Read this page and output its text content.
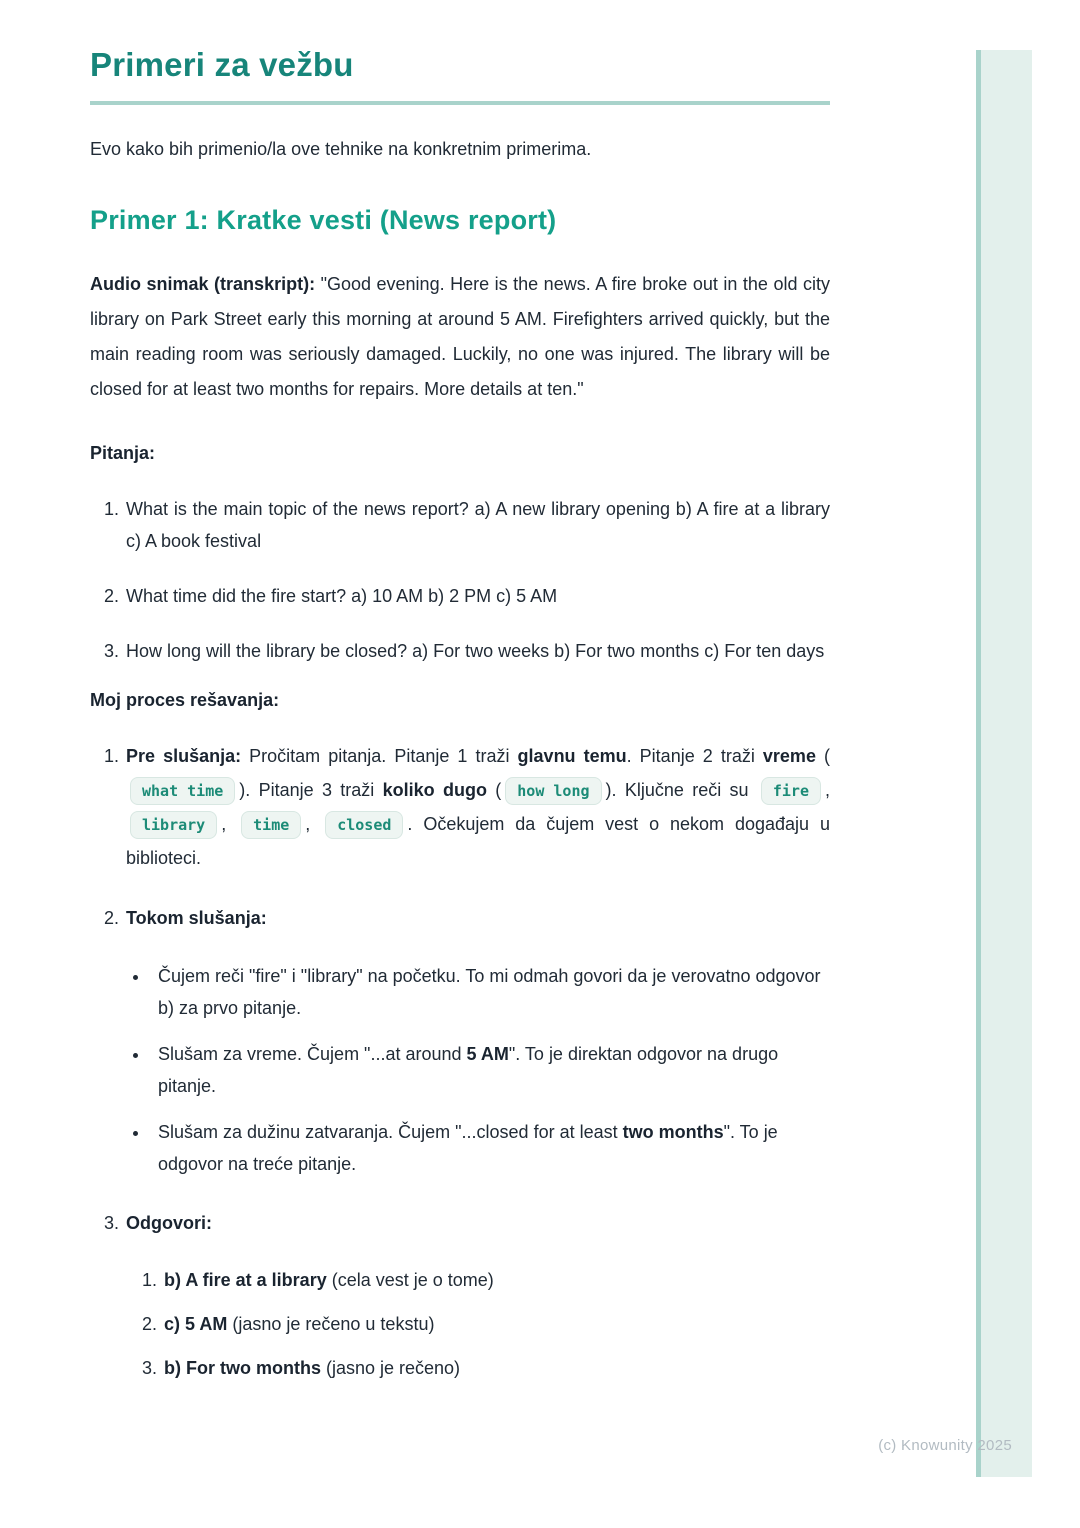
Primeri za vežbu

Evo kako bih primenio/la ove tehnike na konkretnim primerima.

Primer 1: Kratke vesti (News report)

Audio snimak (transkript): "Good evening. Here is the news. A fire broke out in the old city library on Park Street early this morning at around 5 AM. Firefighters arrived quickly, but the main reading room was seriously damaged. Luckily, no one was injured. The library will be closed for at least two months for repairs. More details at ten."

Pitanja:

1. What is the main topic of the news report? a) A new library opening b) A fire at a library c) A book festival
2. What time did the fire start? a) 10 AM b) 2 PM c) 5 AM
3. How long will the library be closed? a) For two weeks b) For two months c) For ten days

Moj proces rešavanja:

1. Pre slušanja: Pročitam pitanja. Pitanje 1 traži glavnu temu. Pitanje 2 traži vreme (what time ). Pitanje 3 traži koliko dugo ( how long ). Ključne reči su fire , library , time , closed . Očekujem da čujem vest o nekom događaju u biblioteci.
2. Tokom slušanja:
• Čujem reči "fire" i "library" na početku. To mi odmah govori da je verovatno odgovor b) za prvo pitanje.
• Slušam za vreme. Čujem "...at around 5 AM". To je direktan odgovor na drugo pitanje.
• Slušam za dužinu zatvaranja. Čujem "...closed for at least two months". To je odgovor na treće pitanje.
3. Odgovori:
1. b) A fire at a library (cela vest je o tome)
2. c) 5 AM (jasno je rečeno u tekstu)
3. b) For two months (jasno je rečeno)
(c) Knowunity 2025
